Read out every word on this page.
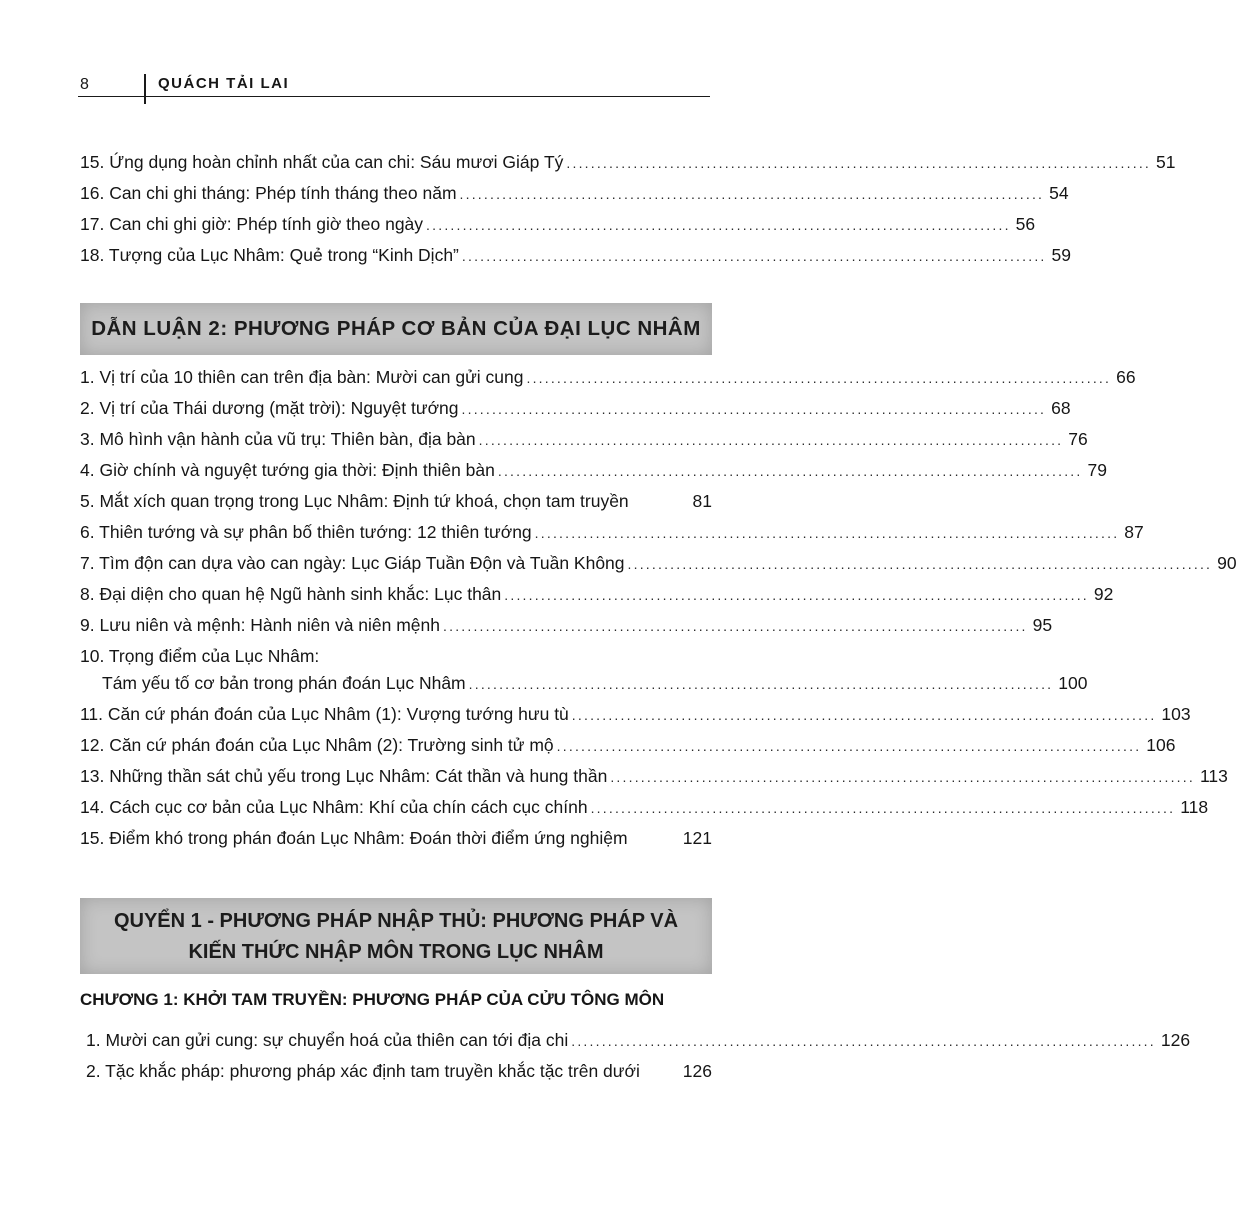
8	QUÁCH TẢI LAI
15. Ứng dụng hoàn chỉnh nhất của can chi: Sáu mươi Giáp Tý ................................................................................................ 51
16. Can chi ghi tháng: Phép tính tháng theo năm ................................................................................................ 54
17. Can chi ghi giờ: Phép tính giờ theo ngày ................................................................................................ 56
18. Tượng của Lục Nhâm: Quẻ trong “Kinh Dịch” ................................................................................................ 59
DẪN LUẬN 2: PHƯƠNG PHÁP CƠ BẢN CỦA ĐẠI LỤC NHÂM
1. Vị trí của 10 thiên can trên địa bàn: Mười can gửi cung ................................................................................................ 66
2. Vị trí của Thái dương (mặt trời): Nguyệt tướng ................................................................................................ 68
3. Mô hình vận hành của vũ trụ: Thiên bàn, địa bàn ................................................................................................ 76
4. Giờ chính và nguyệt tướng gia thời: Định thiên bàn ................................................................................................ 79
5. Mắt xích quan trọng trong Lục Nhâm: Định tứ khoá, chọn tam truyền	81
6. Thiên tướng và sự phân bố thiên tướng: 12 thiên tướng ................................................................................................ 87
7. Tìm độn can dựa vào can ngày: Lục Giáp Tuần Độn và Tuần Không ................................................................................................ 90
8. Đại diện cho quan hệ Ngũ hành sinh khắc: Lục thân ................................................................................................ 92
9. Lưu niên và mệnh: Hành niên và niên mệnh ................................................................................................ 95
10. Trọng điểm của Lục Nhâm:
Tám yếu tố cơ bản trong phán đoán Lục Nhâm ................................................................................................ 100
11. Căn cứ phán đoán của Lục Nhâm (1): Vượng tướng hưu tù ................................................................................................ 103
12. Căn cứ phán đoán của Lục Nhâm (2): Trường sinh tử mộ ................................................................................................ 106
13. Những thần sát chủ yếu trong Lục Nhâm: Cát thần và hung thần ................................................................................................ 113
14. Cách cục cơ bản của Lục Nhâm: Khí của chín cách cục chính ................................................................................................ 118
15. Điểm khó trong phán đoán Lục Nhâm: Đoán thời điểm ứng nghiệm	121
QUYỂN 1 - PHƯƠNG PHÁP NHẬP THỦ: PHƯƠNG PHÁP VÀ
KIẾN THỨC NHẬP MÔN TRONG LỤC NHÂM
CHƯƠNG 1: KHỞI TAM TRUYỀN: PHƯƠNG PHÁP CỦA CỬU TÔNG MÔN
1. Mười can gửi cung: sự chuyển hoá của thiên can tới địa chi ................................................................................................ 126
2. Tặc khắc pháp: phương pháp xác định tam truyền khắc tặc trên dưới	126
